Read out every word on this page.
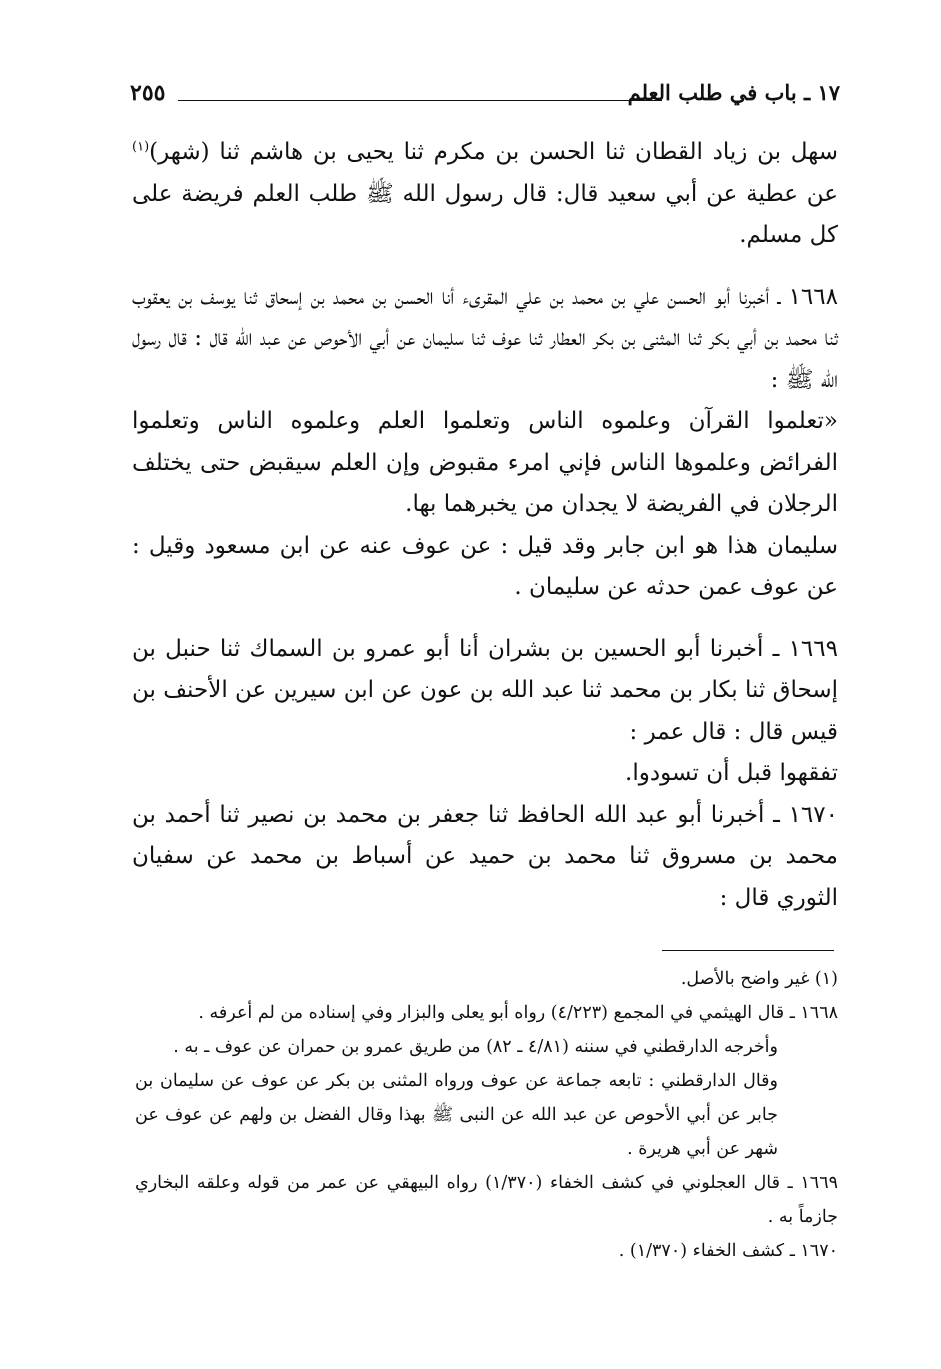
١٧ ـ باب في طلب العلم
٢٥٥

سهل بن زياد القطان ثنا الحسن بن مكرم ثنا يحيى بن هاشم ثنا (شهر)$^{(١)}$ عن عطية عن أبي سعيد قال: قال رسول الله ﷺ طلب العلم فريضة على كل مسلم.

١٦٦٨ ـ أخبرنا أبو الحسن علي بن محمد بن علي المقرىء أنا الحسن بن محمد بن إسحاق ثنا يوسف بن يعقوب ثنا محمد بن أبي بكر ثنا المثنى بن بكر العطار ثنا عوف ثنا سليمان عن أبي الأحوص عن عبد الله قال : قال رسول الله ﷺ :

«تعلموا القرآن وعلموه الناس وتعلموا العلم وعلموه الناس وتعلموا الفرائض وعلموها الناس فإني امرء مقبوض وإن العلم سيقبض حتى يختلف الرجلان في الفريضة لا يجدان من يخبرهما بها.

سليمان هذا هو ابن جابر وقد قيل : عن عوف عنه عن ابن مسعود وقيل : عن عوف عمن حدثه عن سليمان .

١٦٦٩ ـ أخبرنا أبو الحسين بن بشران أنا أبو عمرو بن السماك ثنا حنبل بن إسحاق ثنا بكار بن محمد ثنا عبد الله بن عون عن ابن سيرين عن الأحنف بن قيس قال : قال عمر :

تفقهوا قبل أن تسودوا.

١٦٧٠ ـ أخبرنا أبو عبد الله الحافظ ثنا جعفر بن محمد بن نصير ثنا أحمد بن محمد بن مسروق ثنا محمد بن حميد عن أسباط بن محمد عن سفيان الثوري قال :

(١) غير واضح بالأصل.

١٦٦٨ ـ قال الهيثمي في المجمع (٤/٢٢٣) رواه أبو يعلى والبزار وفي إسناده من لم أعرفه .

وأخرجه الدارقطني في سننه (٤/٨١ ـ ٨٢) من طريق عمرو بن حمران عن عوف ـ به .

وقال الدارقطني : تابعه جماعة عن عوف ورواه المثنى بن بكر عن عوف عن سليمان بن جابر عن أبي الأحوص عن عبد الله عن النبى ﷺ بهذا وقال الفضل بن ولهم عن عوف عن شهر عن أبي هريرة .

١٦٦٩ ـ قال العجلوني في كشف الخفاء (١/٣٧٠) رواه البيهقي عن عمر من قوله وعلقه البخاري جازماً به .

١٦٧٠ ـ كشف الخفاء (١/٣٧٠) .
